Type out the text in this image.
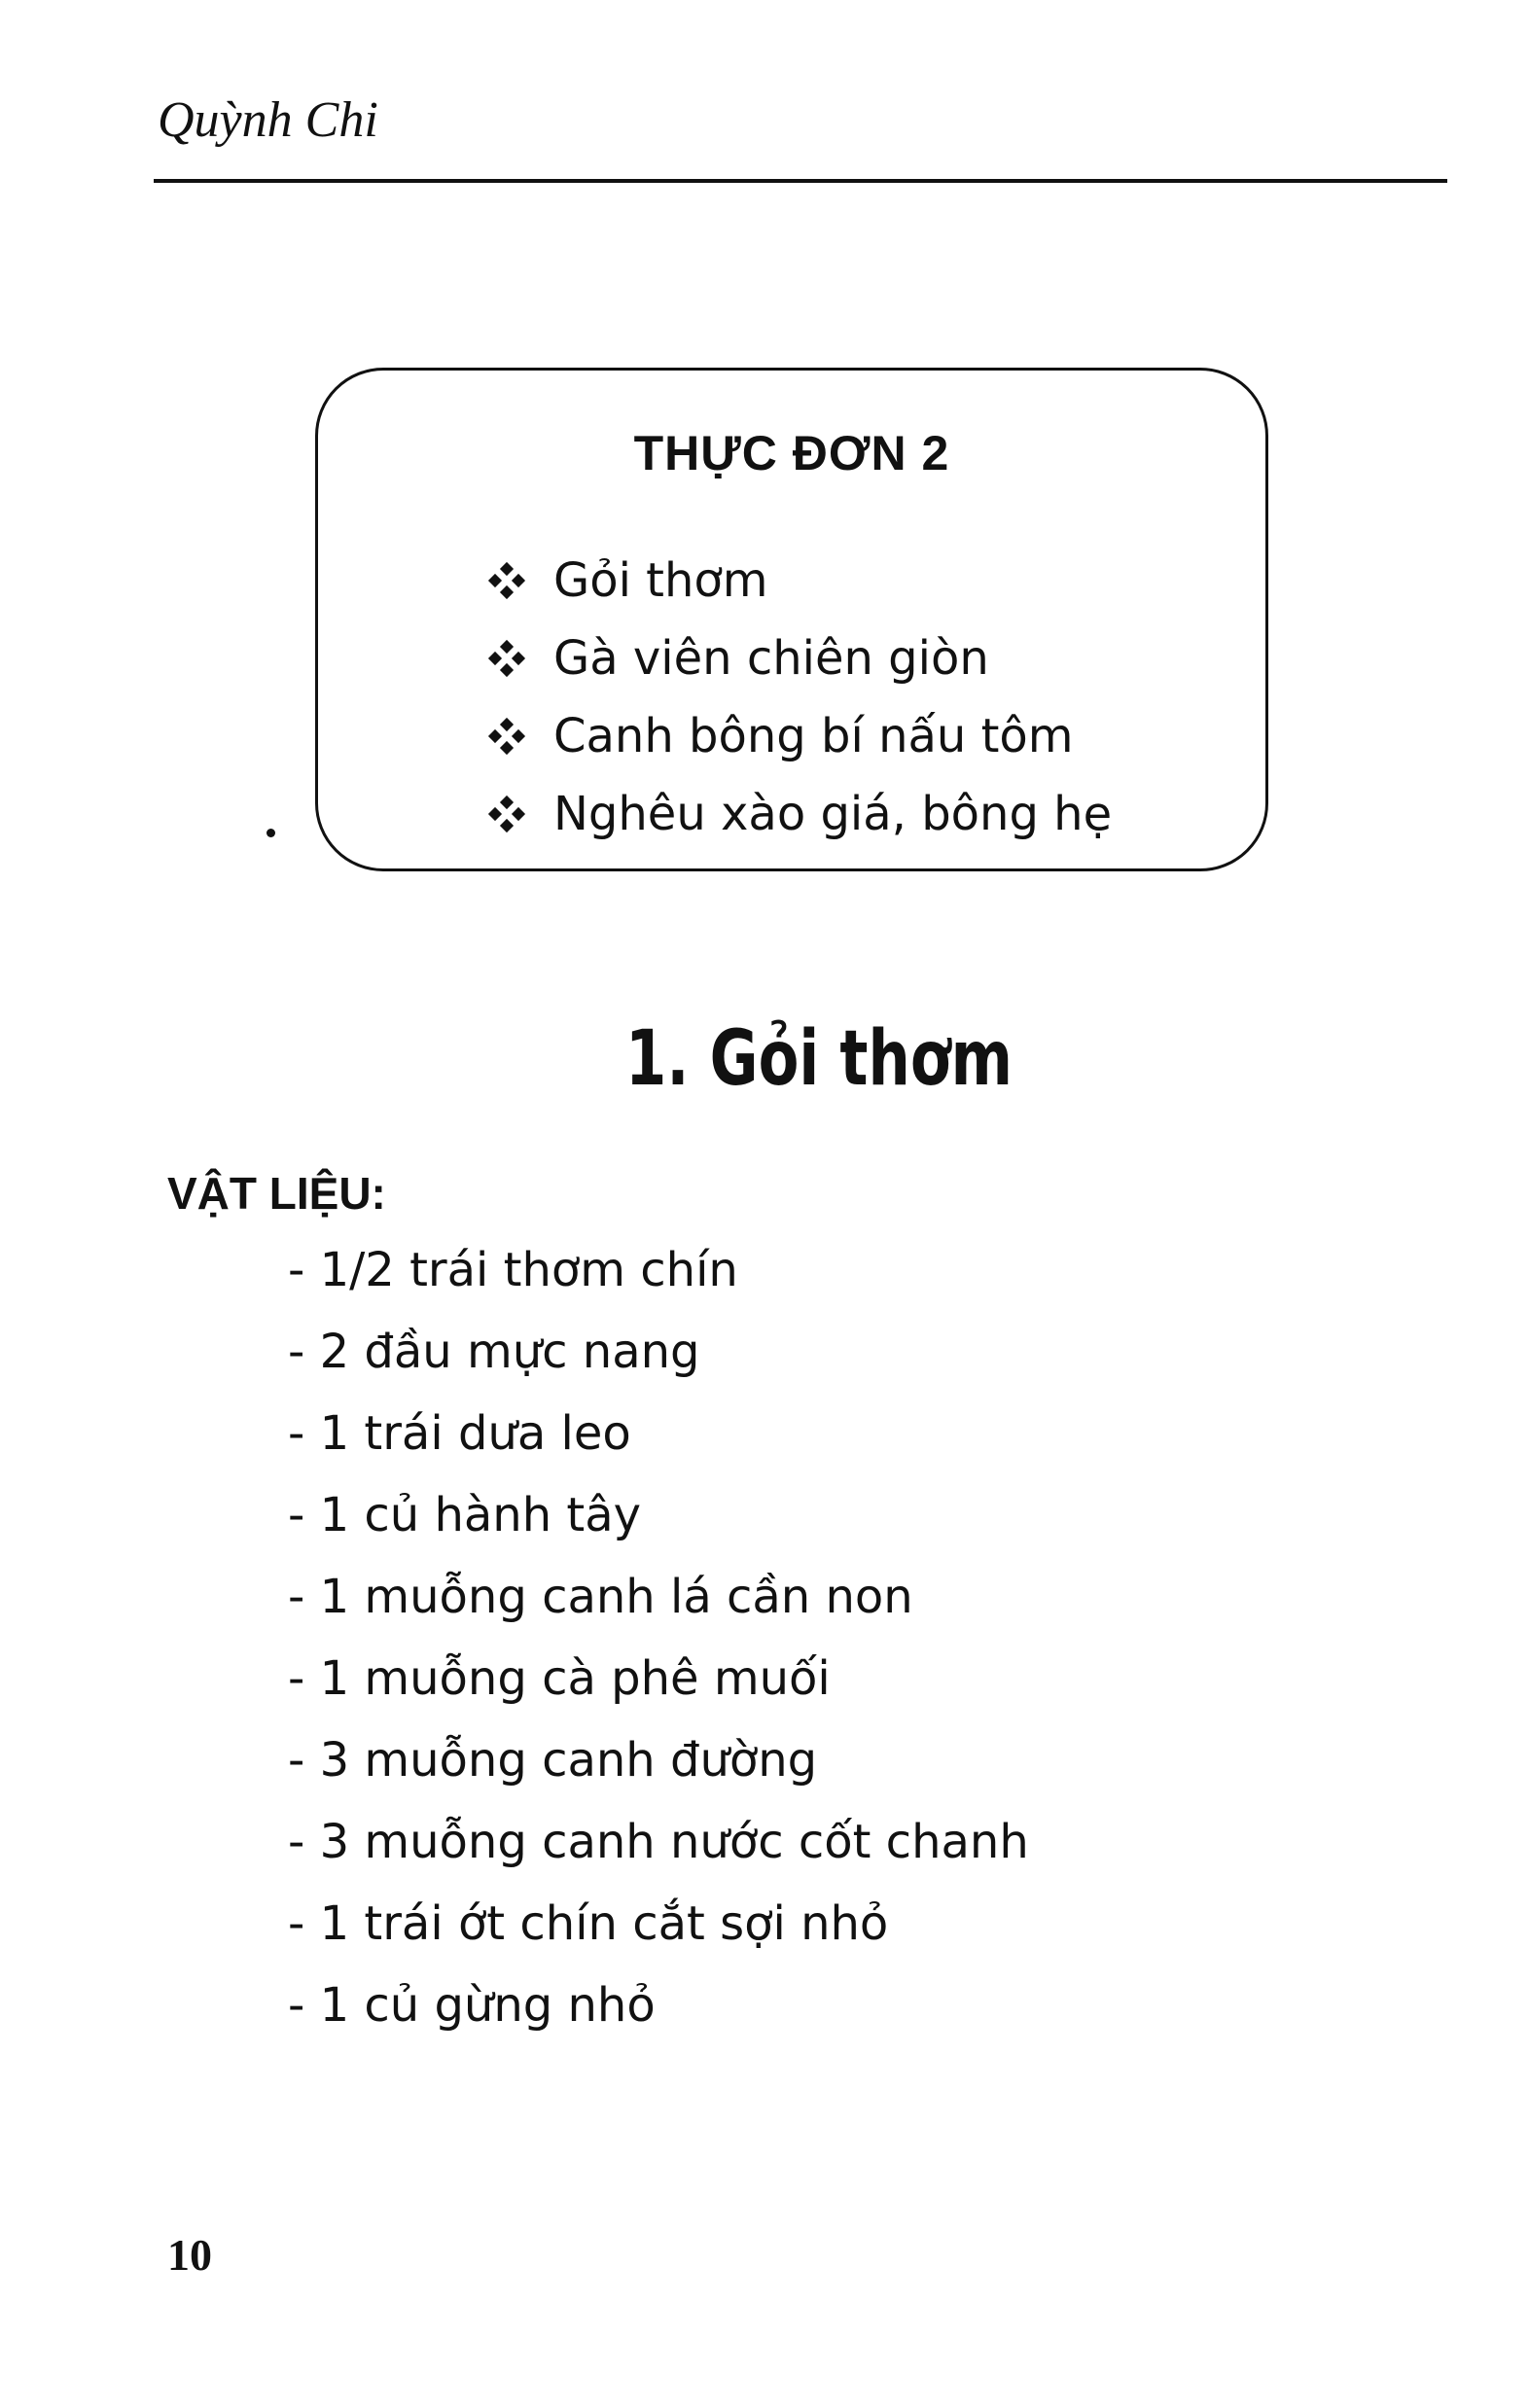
Quỳnh Chi
THỰC ĐƠN 2
Gỏi thơm
Gà viên chiên giòn
Canh bông bí nấu tôm
Nghêu xào giá, bông hẹ
1. Gỏi thơm
VẬT LIỆU:
- 1/2 trái thơm chín
- 2 đầu mực nang
- 1 trái dưa leo
- 1 củ hành tây
- 1 muỗng canh lá cần non
- 1 muỗng cà phê muối
- 3 muỗng canh đường
- 3 muỗng canh nước cốt chanh
- 1 trái ớt chín cắt sợi nhỏ
- 1 củ gừng nhỏ

10
